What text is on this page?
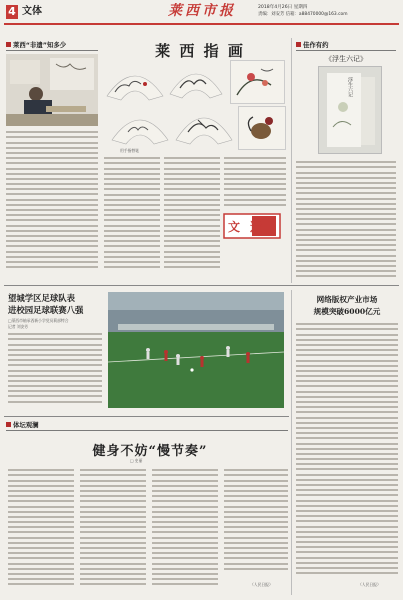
4 文体	莱西市报	2018年4月26日 星期四
责编：刘安芳 信箱：a88470000@163.com
莱西“非遗”知多少	莱 西 指 画
用手指替笔
文遗
佳作有约
《浮生六记》
浮生六记
望城学区足球队表
进校园足球联赛八强
□莱西市轴承西新小学党员莉部特合
记者 刘安芳
网络版权产业市场
规模突破6000亿元
（人民日报）
体坛观澜
健身不妨“慢节奏”
□ 史丽
（人民日报）
